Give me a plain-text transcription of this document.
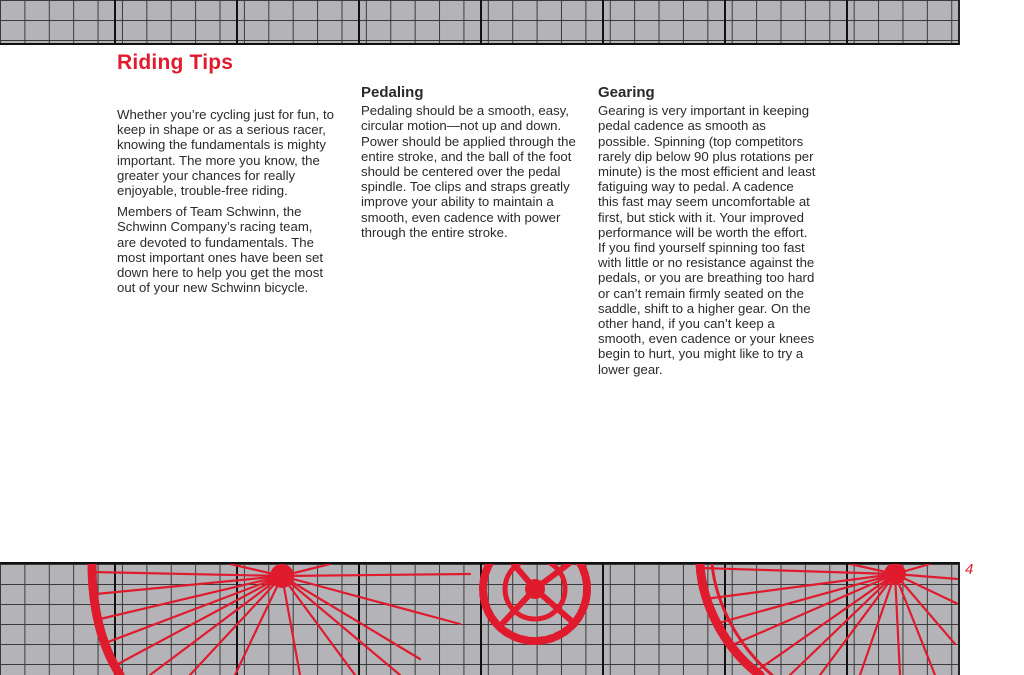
Riding Tips

Whether you’re cycling just for fun, to keep in shape or as a serious racer, knowing the fundamentals is mighty important. The more you know, the greater your chances for really enjoyable, trouble-free riding.

Members of Team Schwinn, the Schwinn Company’s racing team, are devoted to fundamentals. The most important ones have been set down here to help you get the most out of your new Schwinn bicycle.

Pedaling

Pedaling should be a smooth, easy, circular motion—not up and down. Power should be applied through the entire stroke, and the ball of the foot should be centered over the pedal spindle. Toe clips and straps greatly improve your ability to maintain a smooth, even cadence with power through the entire stroke.

Gearing

Gearing is very important in keeping pedal cadence as smooth as possible. Spinning (top competitors rarely dip below 90 plus rotations per minute) is the most efficient and least fatiguing way to pedal. A cadence this fast may seem uncomfortable at first, but stick with it. Your improved performance will be worth the effort. If you find yourself spinning too fast with little or no resistance against the pedals, or you are breathing too hard or can’t remain firmly seated on the saddle, shift to a higher gear. On the other hand, if you can’t keep a smooth, even cadence or your knees begin to hurt, you might like to try a lower gear.

4
